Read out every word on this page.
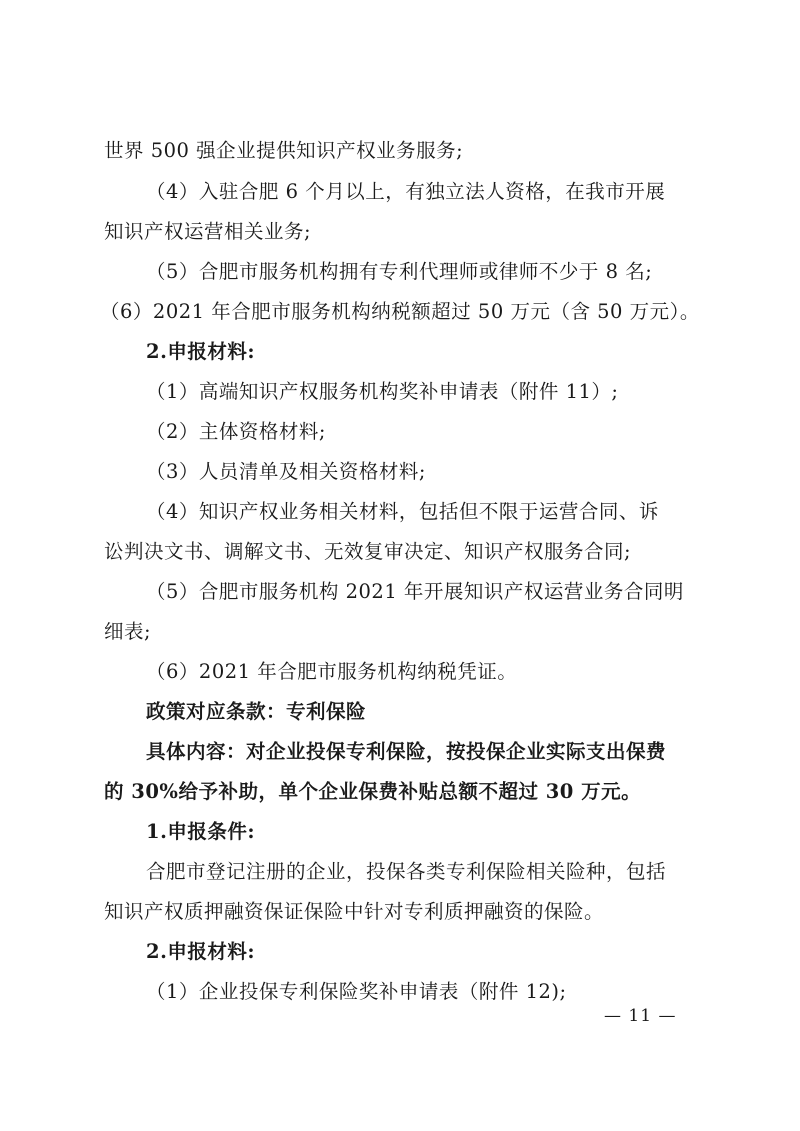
世界 500 强企业提供知识产权业务服务;
（4）入驻合肥 6 个月以上，有独立法人资格，在我市开展
知识产权运营相关业务;
（5）合肥市服务机构拥有专利代理师或律师不少于 8 名;
（6）2021 年合肥市服务机构纳税额超过 50 万元（含 50 万元）。
2.申报材料:
（1）高端知识产权服务机构奖补申请表（附件 11）;
（2）主体资格材料;
（3）人员清单及相关资格材料;
（4）知识产权业务相关材料，包括但不限于运营合同、诉
讼判决文书、调解文书、无效复审决定、知识产权服务合同;
（5）合肥市服务机构 2021 年开展知识产权运营业务合同明
细表;
（6）2021 年合肥市服务机构纳税凭证。
政策对应条款：专利保险
具体内容：对企业投保专利保险，按投保企业实际支出保费
的 30%给予补助，单个企业保费补贴总额不超过 30 万元。
1.申报条件:
合肥市登记注册的企业，投保各类专利保险相关险种，包括
知识产权质押融资保证保险中针对专利质押融资的保险。
2.申报材料:
（1）企业投保专利保险奖补申请表（附件 12);
— 11 —
